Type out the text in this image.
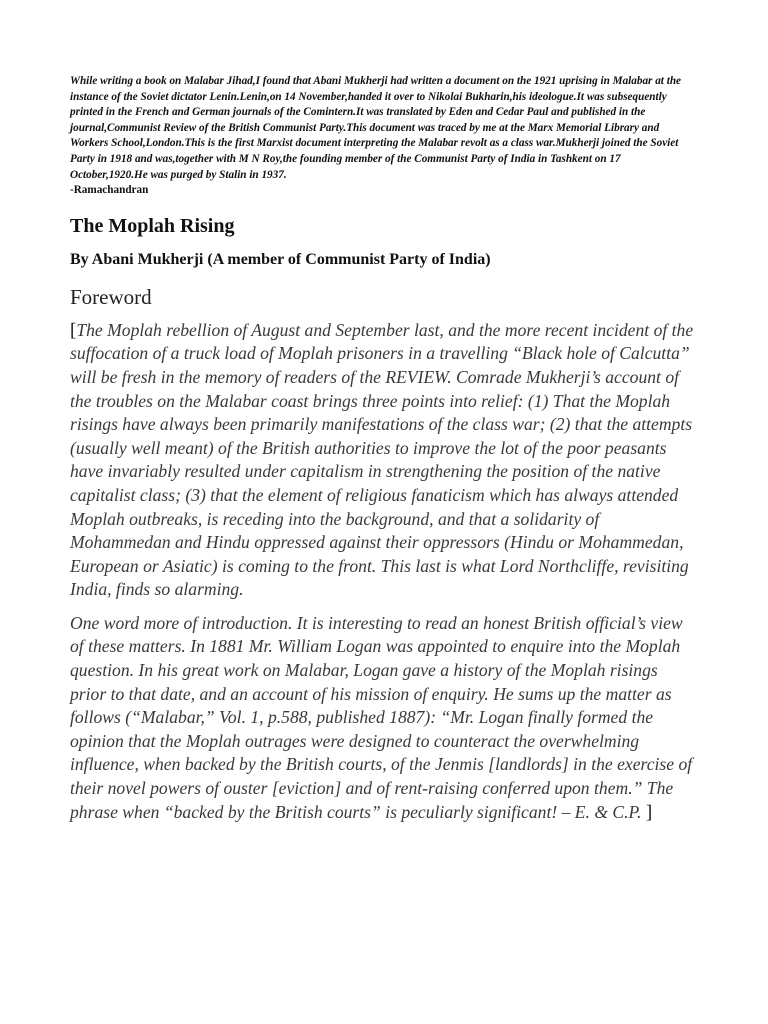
While writing a book on Malabar Jihad,I found that Abani Mukherji had written a document on the 1921 uprising in Malabar at the instance of the Soviet dictator Lenin.Lenin,on 14 November,handed it over to Nikolai Bukharin,his ideologue.It was subsequently printed in the French and German journals of the Comintern.It was translated by Eden and Cedar Paul and published in the journal,Communist Review of the British Communist Party.This document was traced by me at the Marx Memorial Library and Workers School,London.This is the first Marxist document interpreting the Malabar revolt as a class war.Mukherji joined the Soviet Party in 1918 and was,together with M N Roy,the founding member of the Communist Party of India in Tashkent on 17 October,1920.He was purged by Stalin in 1937.
-Ramachandran

The Moplah Rising
By Abani Mukherji (A member of Communist Party of India)
Foreword

[The Moplah rebellion of August and September last, and the more recent incident of the suffocation of a truck load of Moplah prisoners in a travelling “Black hole of Calcutta” will be fresh in the memory of readers of the REVIEW. Comrade Mukherji’s account of the troubles on the Malabar coast brings three points into relief: (1) That the Moplah risings have always been primarily manifestations of the class war; (2) that the attempts (usually well meant) of the British authorities to improve the lot of the poor peasants have invariably resulted under capitalism in strengthening the position of the native capitalist class; (3) that the element of religious fanaticism which has always attended Moplah outbreaks, is receding into the background, and that a solidarity of Mohammedan and Hindu oppressed against their oppressors (Hindu or Mohammedan, European or Asiatic) is coming to the front. This last is what Lord Northcliffe, revisiting India, finds so alarming.

One word more of introduction. It is interesting to read an honest British official’s view of these matters. In 1881 Mr. William Logan was appointed to enquire into the Moplah question. In his great work on Malabar, Logan gave a history of the Moplah risings prior to that date, and an account of his mission of enquiry. He sums up the matter as follows (“Malabar,” Vol. 1, p.588, published 1887): “Mr. Logan finally formed the opinion that the Moplah outrages were designed to counteract the overwhelming influence, when backed by the British courts, of the Jenmis [landlords] in the exercise of their novel powers of ouster [eviction] and of rent-raising conferred upon them.” The phrase when “backed by the British courts” is peculiarly significant! – E. & C.P. ]
